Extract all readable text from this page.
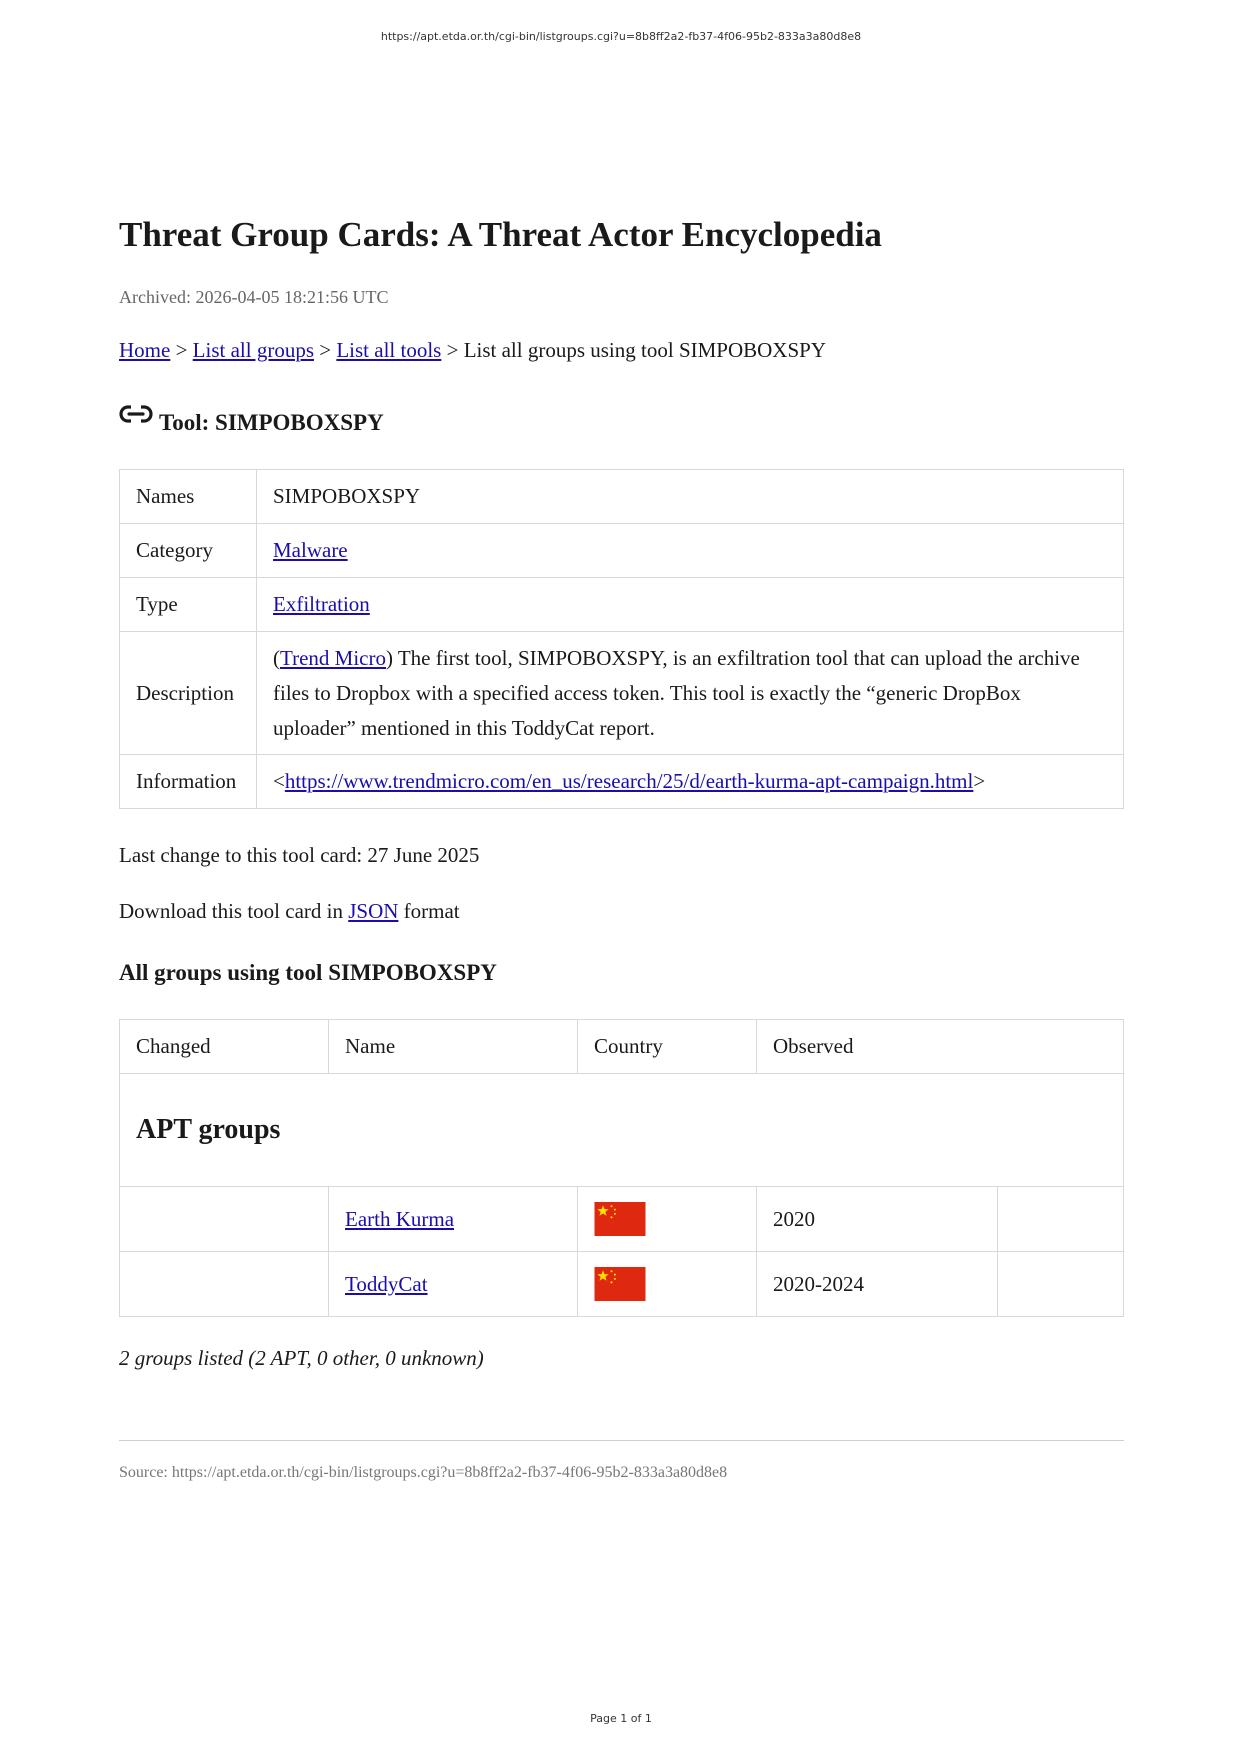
https://apt.etda.or.th/cgi-bin/listgroups.cgi?u=8b8ff2a2-fb37-4f06-95b2-833a3a80d8e8
Threat Group Cards: A Threat Actor Encyclopedia
Archived: 2026-04-05 18:21:56 UTC
Home > List all groups > List all tools > List all groups using tool SIMPOBOXSPY
Tool: SIMPOBOXSPY
Names	SIMPOBOXSPY
Category	Malware
Type	Exfiltration
Description	(Trend Micro) The first tool, SIMPOBOXSPY, is an exfiltration tool that can upload the archive files to Dropbox with a specified access token. This tool is exactly the “generic DropBox uploader” mentioned in this ToddyCat report.
Information	<https://www.trendmicro.com/en_us/research/25/d/earth-kurma-apt-campaign.html>
Last change to this tool card: 27 June 2025
Download this tool card in JSON format
All groups using tool SIMPOBOXSPY
Changed	Name	Country	Observed	
APT groups				
	Earth Kurma		2020	
	ToddyCat		2020-2024	
2 groups listed (2 APT, 0 other, 0 unknown)
Source: https://apt.etda.or.th/cgi-bin/listgroups.cgi?u=8b8ff2a2-fb37-4f06-95b2-833a3a80d8e8
Page 1 of 1
